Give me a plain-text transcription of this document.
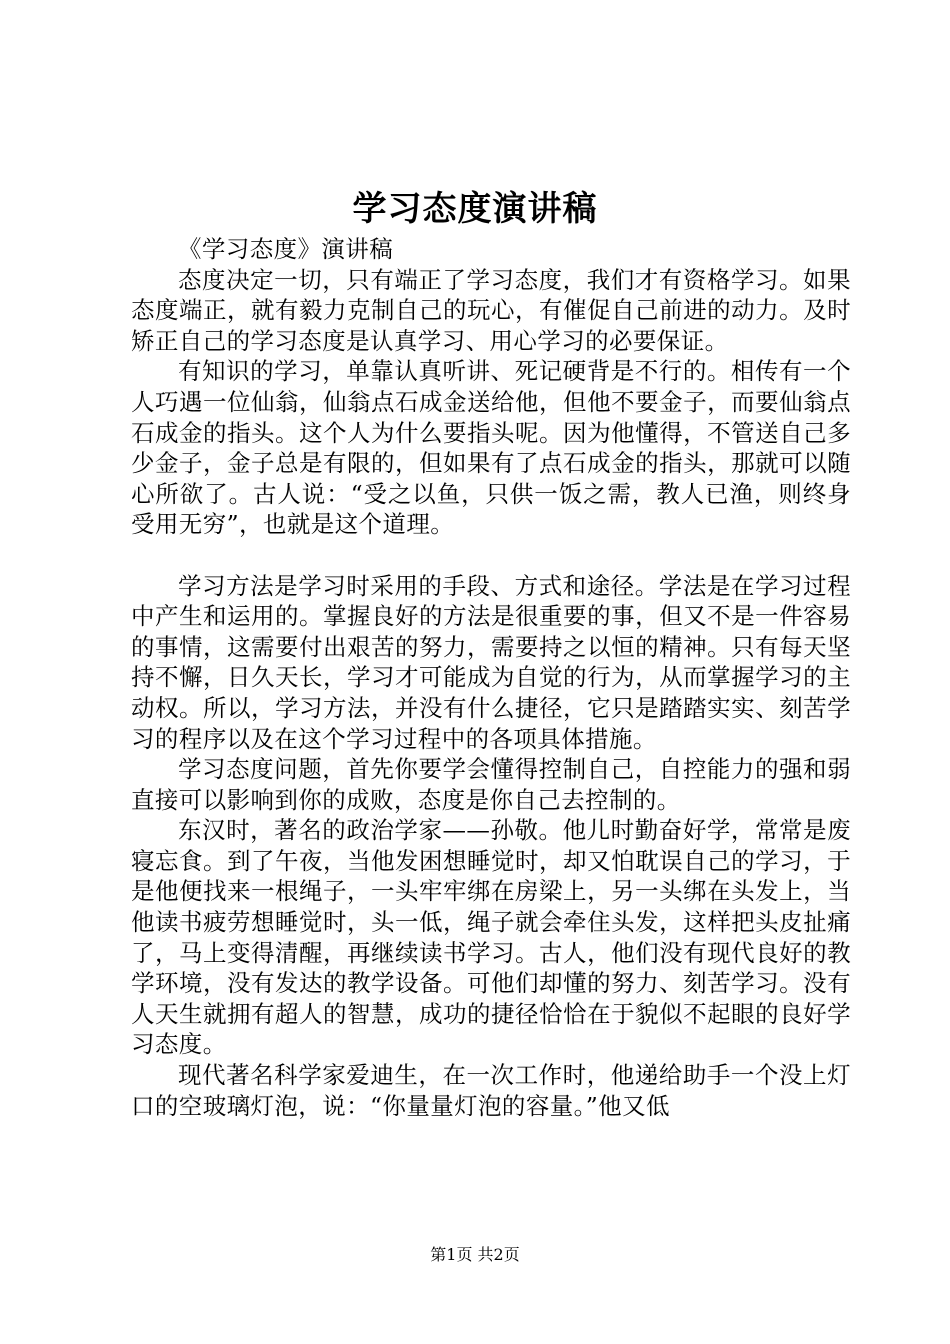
学习态度演讲稿

《学习态度》演讲稿

态度决定一切，只有端正了学习态度，我们才有资格学习。如果态度端正，就有毅力克制自己的玩心，有催促自己前进的动力。及时矫正自己的学习态度是认真学习、用心学习的必要保证。

有知识的学习，单靠认真听讲、死记硬背是不行的。相传有一个人巧遇一位仙翁，仙翁点石成金送给他，但他不要金子，而要仙翁点石成金的指头。这个人为什么要指头呢。因为他懂得，不管送自己多少金子，金子总是有限的，但如果有了点石成金的指头，那就可以随心所欲了。古人说：“受之以鱼，只供一饭之需，教人已渔，则终身受用无穷”，也就是这个道理。

学习方法是学习时采用的手段、方式和途径。学法是在学习过程中产生和运用的。掌握良好的方法是很重要的事，但又不是一件容易的事情，这需要付出艰苦的努力，需要持之以恒的精神。只有每天坚持不懈，日久天长，学习才可能成为自觉的行为，从而掌握学习的主动权。所以，学习方法，并没有什么捷径，它只是踏踏实实、刻苦学习的程序以及在这个学习过程中的各项具体措施。

学习态度问题，首先你要学会懂得控制自己，自控能力的强和弱直接可以影响到你的成败，态度是你自己去控制的。

东汉时，著名的政治学家——孙敬。他儿时勤奋好学，常常是废寝忘食。到了午夜，当他发困想睡觉时，却又怕耽误自己的学习，于是他便找来一根绳子，一头牢牢绑在房梁上，另一头绑在头发上，当他读书疲劳想睡觉时，头一低，绳子就会牵住头发，这样把头皮扯痛了，马上变得清醒，再继续读书学习。古人，他们没有现代良好的教学环境，没有发达的教学设备。可他们却懂的努力、刻苦学习。没有人天生就拥有超人的智慧，成功的捷径恰恰在于貌似不起眼的良好学习态度。

现代著名科学家爱迪生，在一次工作时，他递给助手一个没上灯口的空玻璃灯泡，说：“你量量灯泡的容量。”他又低

第1页 共2页
